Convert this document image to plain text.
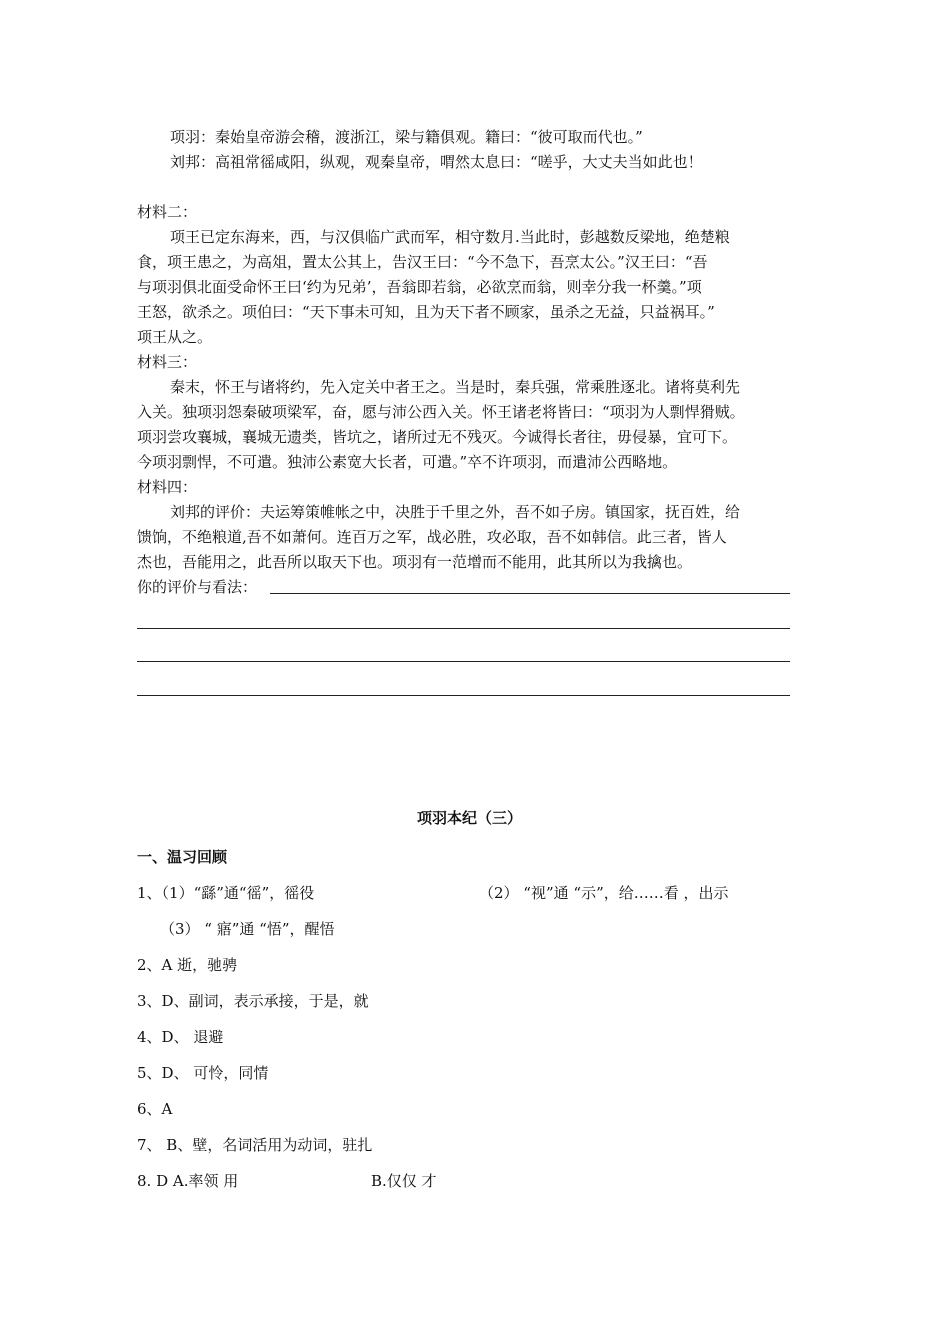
项羽：秦始皇帝游会稽，渡浙江，梁与籍俱观。籍曰：“彼可取而代也。”
刘邦：高祖常徭咸阳，纵观，观秦皇帝，喟然太息曰：“嗟乎，大丈夫当如此也！
材料二：
项王已定东海来，西，与汉俱临广武而军，相守数月.当此时，彭越数反梁地，绝楚粮
食，项王患之，为高俎，置太公其上，告汉王曰：“今不急下，吾烹太公。”汉王曰：“吾
与项羽俱北面受命怀王曰‘约为兄弟’，吾翁即若翁，必欲烹而翁，则幸分我一杯羹。”项
王怒，欲杀之。项伯曰：“天下事未可知，且为天下者不顾家，虽杀之无益，只益祸耳。”
项王从之。
材料三：
秦末，怀王与诸将约，先入定关中者王之。当是时，秦兵强，常乘胜逐北。诸将莫利先
入关。独项羽怨秦破项梁军，奋，愿与沛公西入关。怀王诸老将皆曰：“项羽为人剽悍猾贼。
项羽尝攻襄城，襄城无遗类，皆坑之，诸所过无不残灭。今诚得长者往，毋侵暴，宜可下。
今项羽剽悍，不可遣。独沛公素宽大长者，可遣。”卒不许项羽，而遣沛公西略地。
材料四：
刘邦的评价：夫运筹策帷帐之中，决胜于千里之外，吾不如子房。镇国家，抚百姓，给
馈饷，不绝粮道,吾不如萧何。连百万之军，战必胜，攻必取，吾不如韩信。此三者，皆人
杰也，吾能用之，此吾所以取天下也。项羽有一范增而不能用，此其所以为我擒也。
你的评价与看法：
项羽本纪（三）
一、温习回顾
1、（1）“繇”通“徭”，徭役	（2） “视”通 “示”，给……看 ，出示
（3） “ 寤”通 “悟”，醒悟
2、A 逝，驰骋
3、D、副词，表示承接，于是，就
4、D、 退避
5、D、 可怜，同情
6、A
7、 B、壁，名词活用为动词，驻扎
8. D A.率领 用	B.仅仅 才
